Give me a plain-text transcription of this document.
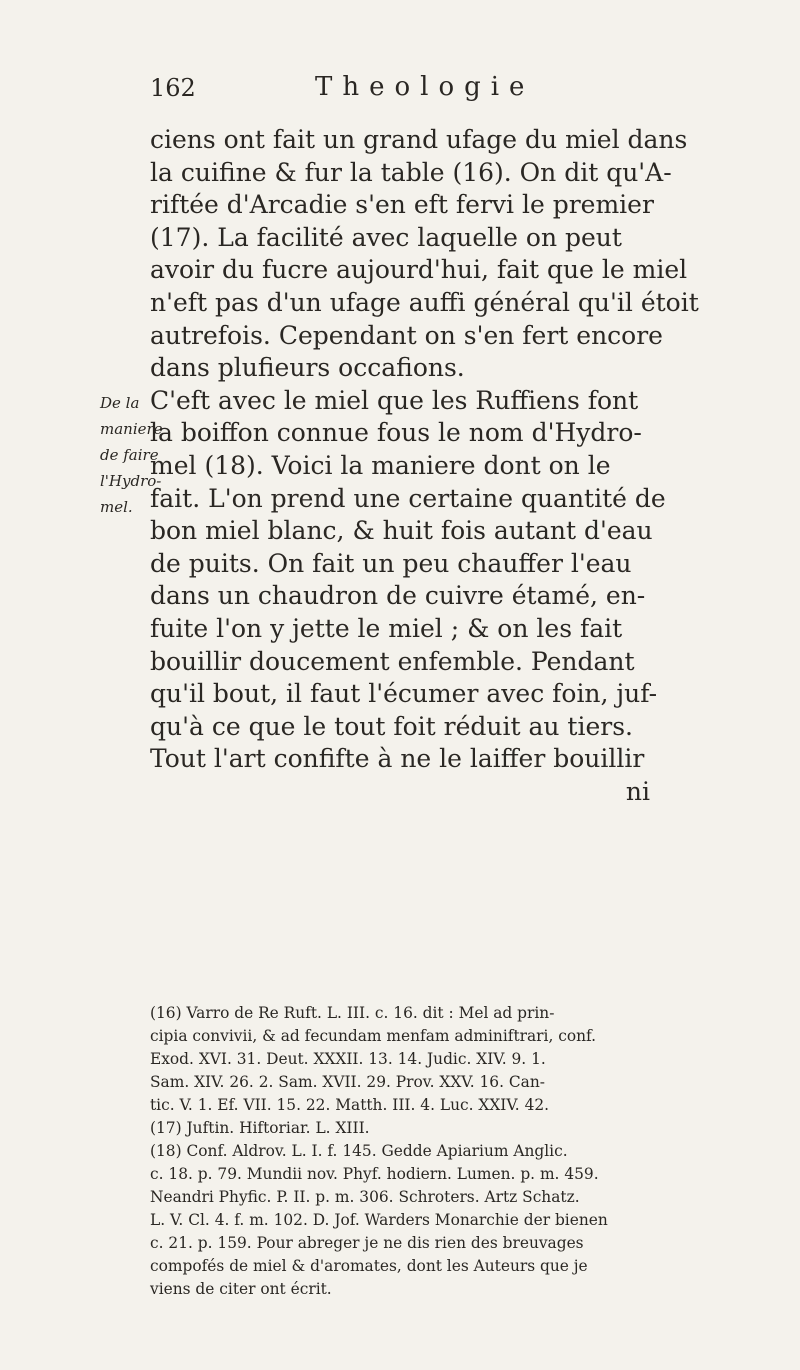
162	Theologie
De la
maniere
de faire
l'Hydro-
mel.
ciens ont fait un grand ufage du miel dans
la cuifine & fur la table (16). On dit qu'A-
riftée d'Arcadie s'en eft fervi le premier
(17). La facilité avec laquelle on peut
avoir du fucre aujourd'hui, fait que le miel
n'eft pas d'un ufage auffi général qu'il étoit
autrefois. Cependant on s'en fert encore
dans plufieurs occafions.
C'eft avec le miel que les Ruffiens font
la boiffon connue fous le nom d'Hydro-
mel (18). Voici la maniere dont on le
fait. L'on prend une certaine quantité de
bon miel blanc, & huit fois autant d'eau
de puits. On fait un peu chauffer l'eau
dans un chaudron de cuivre étamé, en-
fuite l'on y jette le miel ; & on les fait
bouillir doucement enfemble. Pendant
qu'il bout, il faut l'écumer avec foin, juf-
qu'à ce que le tout foit réduit au tiers.
Tout l'art confifte à ne le laiffer bouillir
ni
(16) Varro de Re Ruft. L. III. c. 16. dit : Mel ad prin-
cipia convivii, & ad fecundam menfam adminiftrari, conf.
Exod. XVI. 31. Deut. XXXII. 13. 14. Judic. XIV. 9. 1.
Sam. XIV. 26. 2. Sam. XVII. 29. Prov. XXV. 16. Can-
tic. V. 1. Ef. VII. 15. 22. Matth. III. 4. Luc. XXIV. 42.
(17) Juftin. Hiftoriar. L. XIII.
(18) Conf. Aldrov. L. I. f. 145. Gedde Apiarium Anglic.
c. 18. p. 79. Mundii nov. Phyf. hodiern. Lumen. p. m. 459.
Neandri Phyfic. P. II. p. m. 306. Schroters. Artz Schatz.
L. V. Cl. 4. f. m. 102. D. Jof. Warders Monarchie der bienen
c. 21. p. 159. Pour abreger je ne dis rien des breuvages
compofés de miel & d'aromates, dont les Auteurs que je
viens de citer ont écrit.
